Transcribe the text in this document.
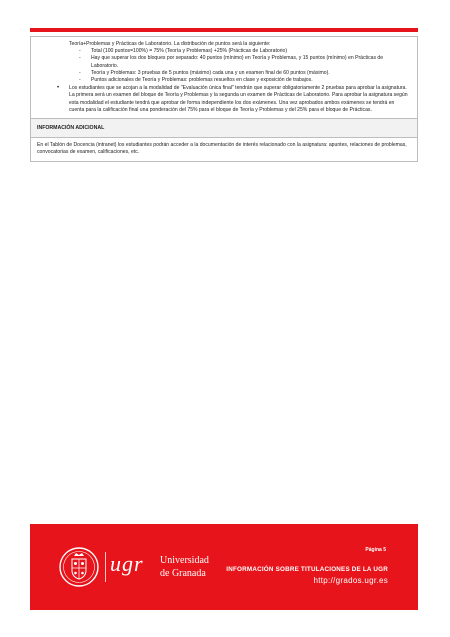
Teoría+Problemas y Prácticas de Laboratorio. La distribución de puntos será la siguiente:
- Total (100 puntos=100%) = 75% (Teoría y Problemas) +25% (Prácticas de Laboratorio)
- Hay que superar los dos bloques por separado: 40 puntos (mínimo) en Teoría y Problemas, y 15 puntos (mínimo) en Prácticas de Laboratorio.
- Teoría y Problemas: 3 pruebas de 5 puntos (máximo) cada una y un examen final de 60 puntos (máximo).
- Puntos adicionales de Teoría y Problemas: problemas resueltos en clase y exposición de trabajos.
• Los estudiantes que se acojan a la modalidad de "Evaluación única final" tendrán que superar obligatoriamente 2 pruebas para aprobar la asignatura. La primera será un examen del bloque de Teoría y Problemas y la segunda un examen de Prácticas de Laboratorio. Para aprobar la asignatura según esta modalidad el estudiante tendrá que aprobar de forma independiente los dos exámenes. Una vez aprobados ambos exámenes se tendrá en cuenta para la calificación final una ponderación del 75% para el bloque de Teoría y Problemas y del 25% para el bloque de Prácticas.
INFORMACIÓN ADICIONAL
En el Tablón de Docencia (intranet) los estudiantes podrán acceder a la documentación de interés relacionado con la asignatura: apuntes, relaciones de problemas, convocatorias de examen, calificaciones, etc.
ugr Universidad
de Granada
Página 5
INFORMACIÓN SOBRE TITULACIONES DE LA UGR
http://grados.ugr.es
